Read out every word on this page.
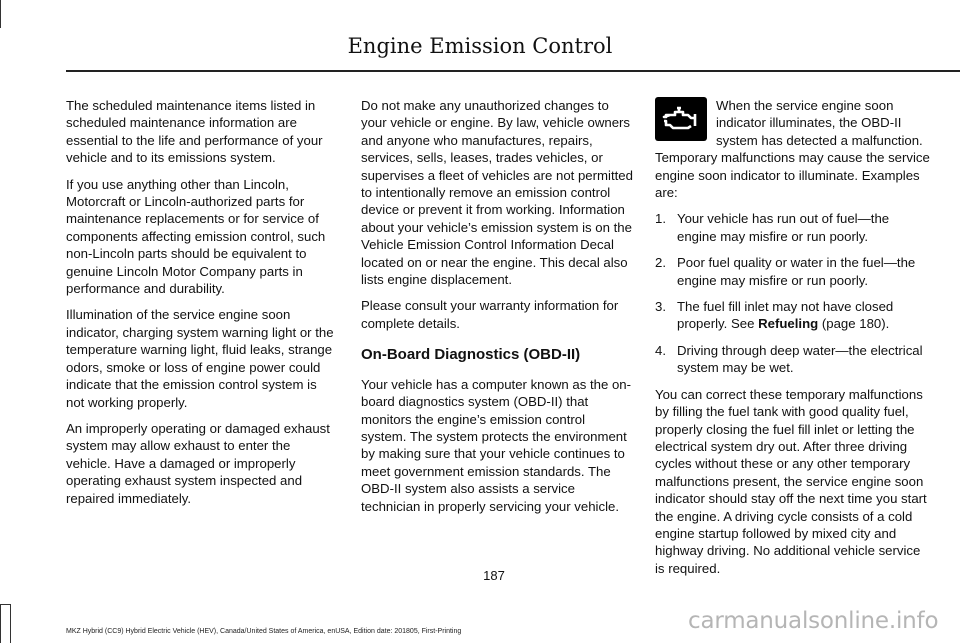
Engine Emission Control

The scheduled maintenance items listed in scheduled maintenance information are essential to the life and performance of your vehicle and to its emissions system.

If you use anything other than Lincoln, Motorcraft or Lincoln-authorized parts for maintenance replacements or for service of components affecting emission control, such non-Lincoln parts should be equivalent to genuine Lincoln Motor Company parts in performance and durability.

Illumination of the service engine soon indicator, charging system warning light or the temperature warning light, fluid leaks, strange odors, smoke or loss of engine power could indicate that the emission control system is not working properly.

An improperly operating or damaged exhaust system may allow exhaust to enter the vehicle. Have a damaged or improperly operating exhaust system inspected and repaired immediately.

Do not make any unauthorized changes to your vehicle or engine. By law, vehicle owners and anyone who manufactures, repairs, services, sells, leases, trades vehicles, or supervises a fleet of vehicles are not permitted to intentionally remove an emission control device or prevent it from working. Information about your vehicle’s emission system is on the Vehicle Emission Control Information Decal located on or near the engine. This decal also lists engine displacement.

Please consult your warranty information for complete details.

On-Board Diagnostics (OBD-II)

Your vehicle has a computer known as the on-board diagnostics system (OBD-II) that monitors the engine’s emission control system. The system protects the environment by making sure that your vehicle continues to meet government emission standards. The OBD-II system also assists a service technician in properly servicing your vehicle.

When the service engine soon indicator illuminates, the OBD-II system has detected a malfunction. Temporary malfunctions may cause the service engine soon indicator to illuminate. Examples are:

1. Your vehicle has run out of fuel—the engine may misfire or run poorly.
2. Poor fuel quality or water in the fuel—the engine may misfire or run poorly.
3. The fuel fill inlet may not have closed properly. See Refueling (page 180).
4. Driving through deep water—the electrical system may be wet.

You can correct these temporary malfunctions by filling the fuel tank with good quality fuel, properly closing the fuel fill inlet or letting the electrical system dry out. After three driving cycles without these or any other temporary malfunctions present, the service engine soon indicator should stay off the next time you start the engine. A driving cycle consists of a cold engine startup followed by mixed city and highway driving. No additional vehicle service is required.

187
carmanualsonline.info
MKZ Hybrid (CC9) Hybrid Electric Vehicle (HEV), Canada/United States of America, enUSA, Edition date: 201805, First-Printing
